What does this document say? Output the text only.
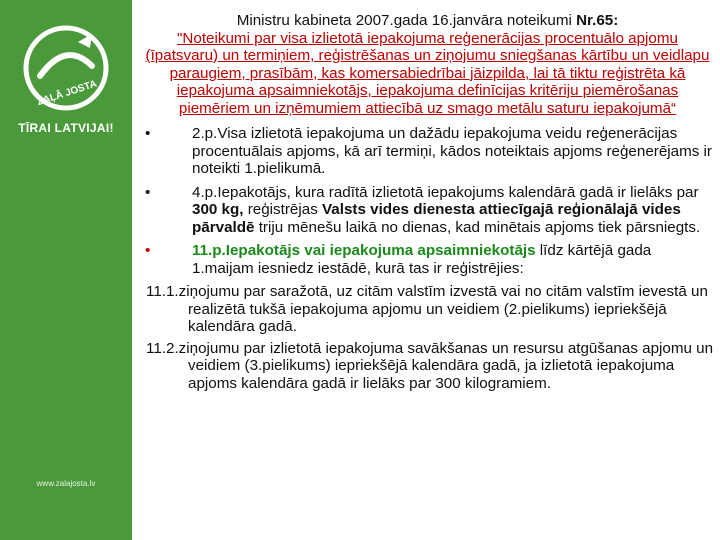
ZAĻĀ JOSTA
TĪRAI LATVIJAI!
www.zalajosta.lv
Ministru kabineta 2007.gada 16.janvāra noteikumi Nr.65:
"Noteikumi par visa izlietotā iepakojuma reģenerācijas procentuālo apjomu (īpatsvaru) un termiņiem, reģistrēšanas un ziņojumu sniegšanas kārtību un veidlapu paraugiem, prasībām, kas komersabiedrībai jāizpilda, lai tā tiktu reģistrēta kā iepakojuma apsaimniekotājs, iepakojuma definīcijas kritēriju piemērošanas piemēriem un izņēmumiem attiecībā uz smago metālu saturu iepakojumā“
•	2.p.Visa izlietotā iepakojuma un dažādu iepakojuma veidu reģenerācijas procentuālais apjoms, kā arī termiņi, kādos noteiktais apjoms reģenerējams ir noteikti 1.pielikumā.
•	4.p.Iepakotājs, kura radītā izlietotā iepakojums kalendārā gadā ir lielāks par 300 kg, reģistrējas Valsts vides dienesta attiecīgajā reģionālajā vides pārvaldē triju mēnešu laikā no dienas, kad minētais apjoms tiek pārsniegts.
•	11.p.Iepakotājs vai iepakojuma apsaimniekotājs līdz kārtējā gada 1.maijam iesniedz iestādē, kurā tas ir reģistrējies:
11.1.ziņojumu par saražotā, uz citām valstīm izvestā vai no citām valstīm ievestā un realizētā tukšā iepakojuma apjomu un veidiem (2.pielikums) iepriekšējā kalendāra gadā.
11.2.ziņojumu par izlietotā iepakojuma savākšanas un resursu atgūšanas apjomu un veidiem (3.pielikums) iepriekšējā kalendāra gadā, ja izlietotā iepakojuma apjoms kalendāra gadā ir lielāks par 300 kilogramiem.
